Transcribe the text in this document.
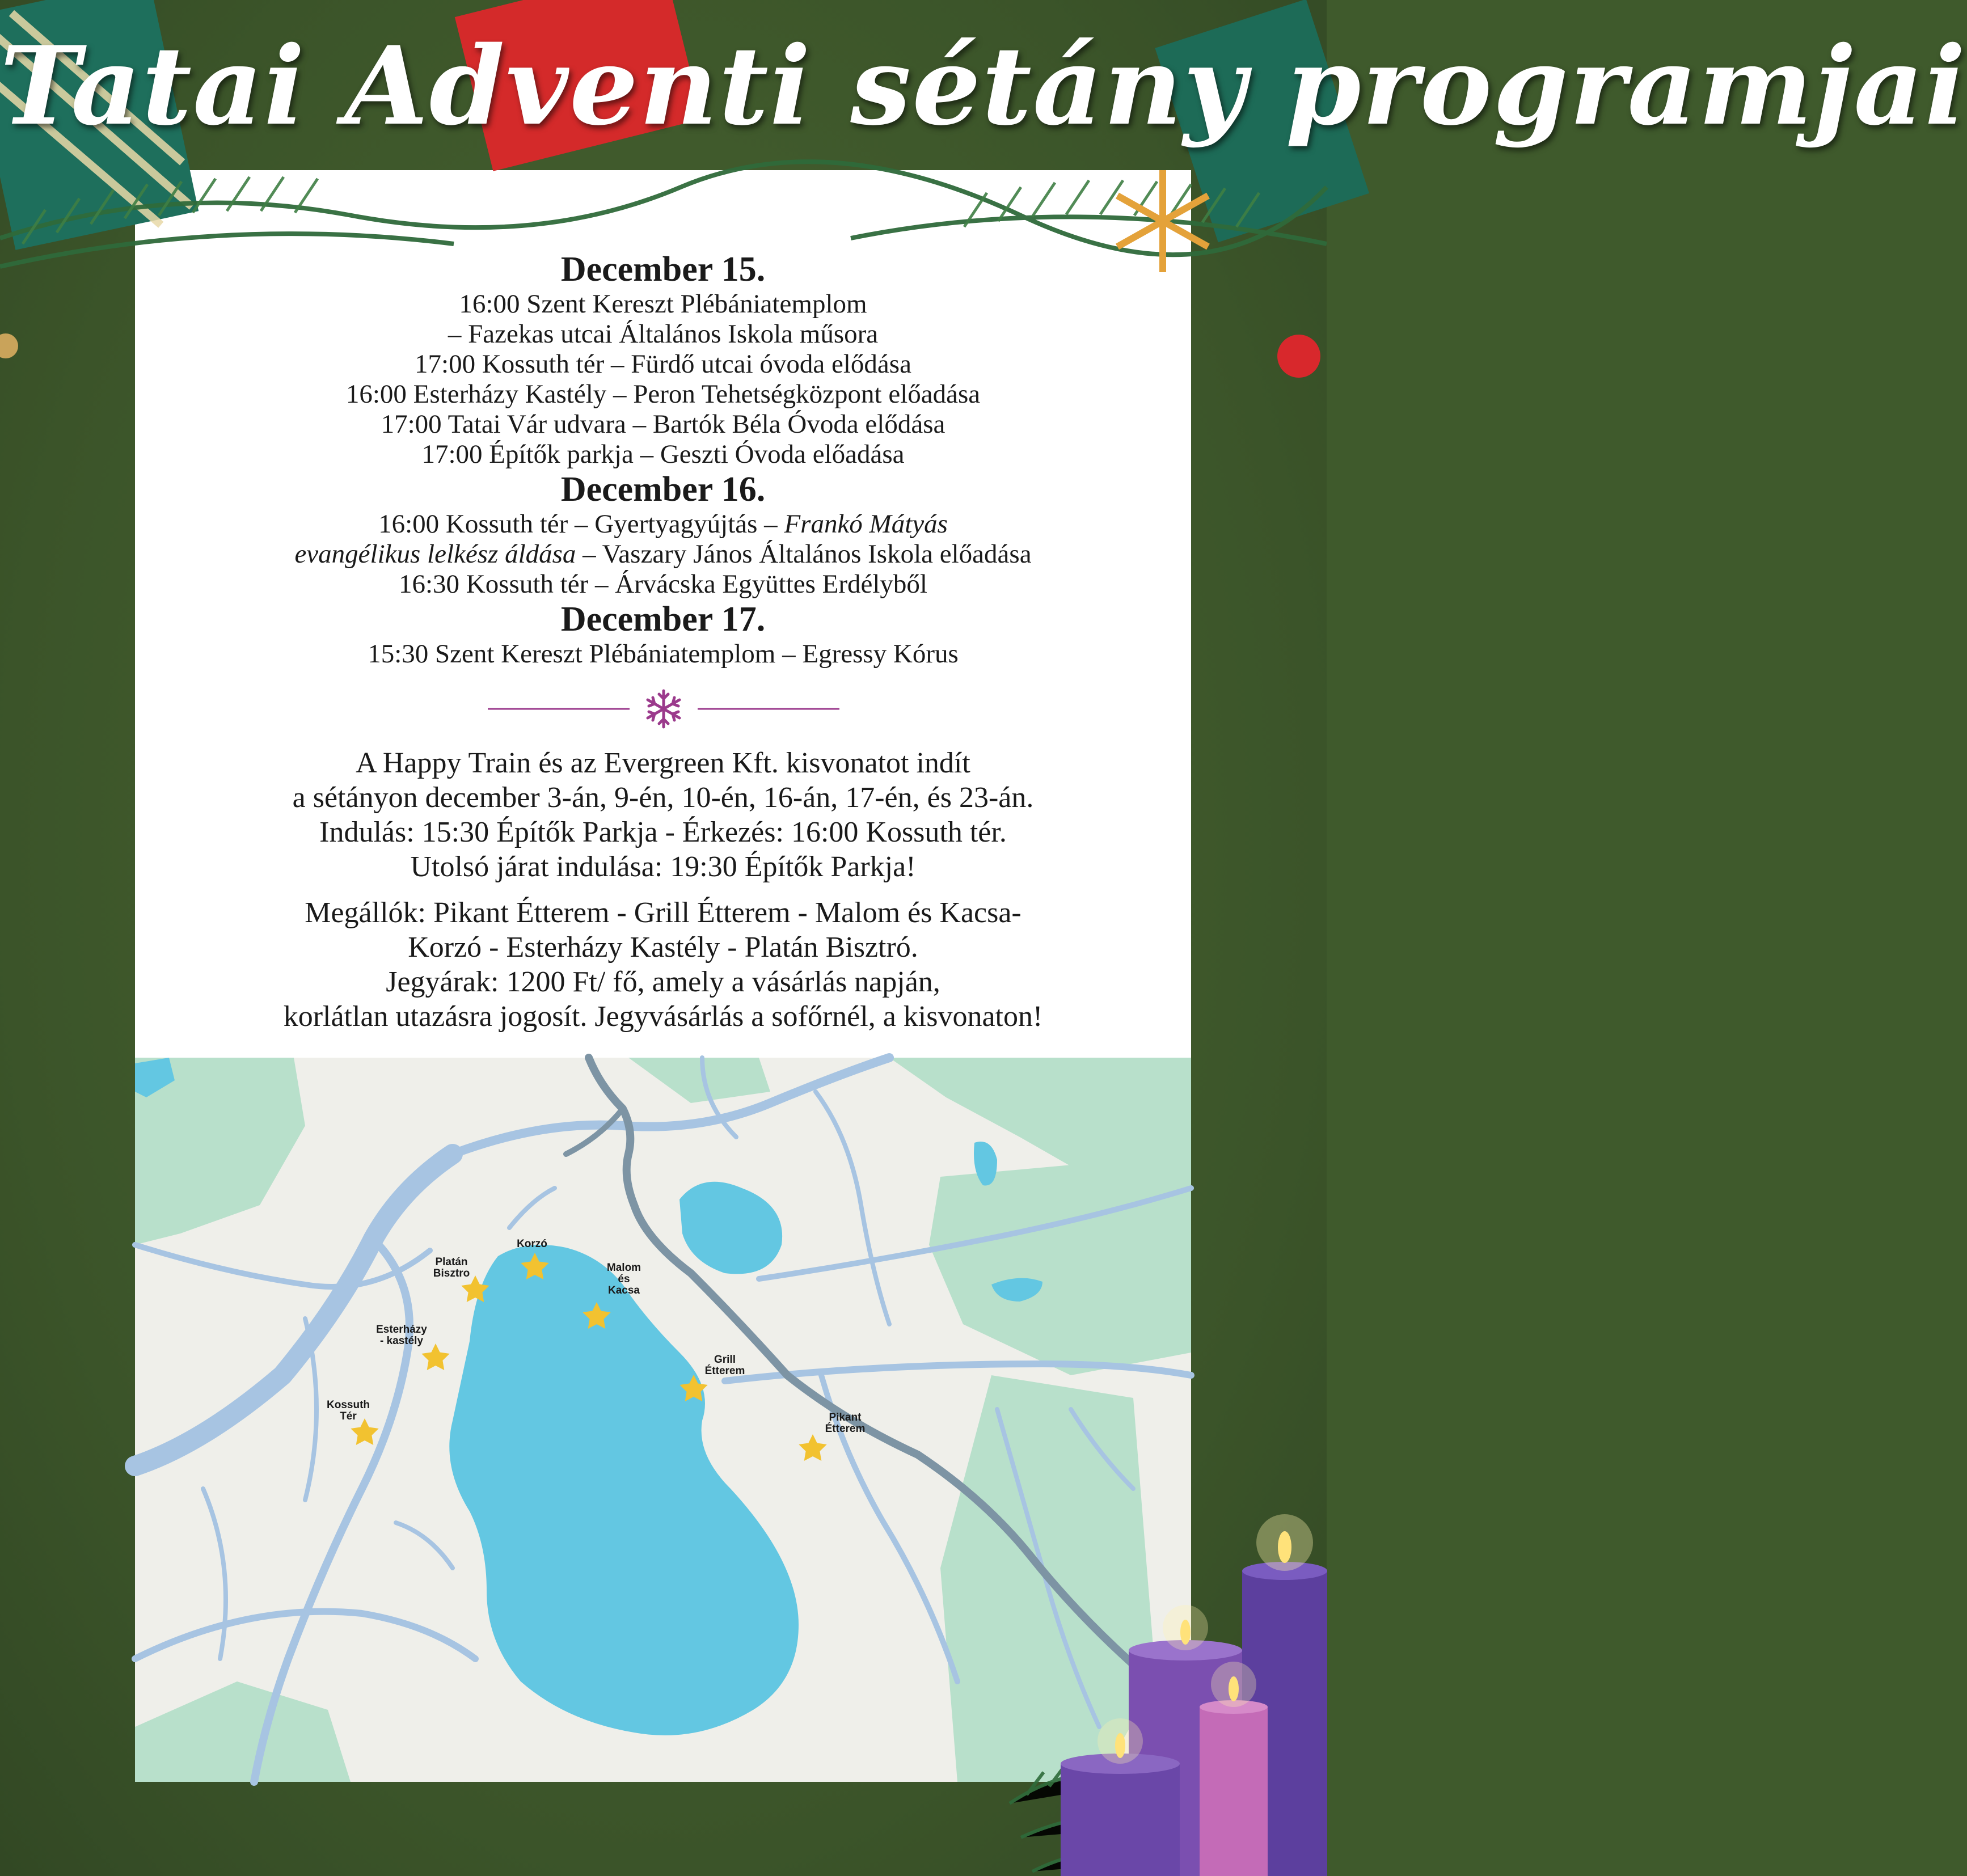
Tatai Adventi sétány programjai

December 15.

16:00 Szent Kereszt Plébániatemplom

– Fazekas utcai Általános Iskola műsora

17:00 Kossuth tér – Fürdő utcai óvoda elődása

16:00 Esterházy Kastély – Peron Tehetségközpont előadása

17:00 Tatai Vár udvara – Bartók Béla Óvoda elődása

17:00 Építők parkja – Geszti Óvoda előadása

December 16.

16:00 Kossuth tér – Gyertyagyújtás – Frankó Mátyás

evangélikus lelkész áldása – Vaszary János Általános Iskola előadása

16:30 Kossuth tér – Árvácska Együttes Erdélyből

December 17.

15:30 Szent Kereszt Plébániatemplom – Egressy Kórus

A Happy Train és az Evergreen Kft. kisvonatot indít

a sétányon december 3-án, 9-én, 10-én, 16-án, 17-én, és 23-án.

Indulás: 15:30 Építők Parkja - Érkezés: 16:00 Kossuth tér.

Utolsó járat indulása: 19:30 Építők Parkja!

Megállók: Pikant Étterem - Grill Étterem - Malom és Kacsa-

Korzó - Esterházy Kastély - Platán Bisztró.

Jegyárak: 1200 Ft/ fő, amely a vásárlás napján,

korlátlan utazásra jogosít. Jegyvásárlás a sofőrnél, a kisvonaton!

Korzó
Platán
Bisztro	Malom
és
Kacsa
Esterházy
- kastély
Grill
Étterem
Kossuth
Tér	Pikant
Étterem
